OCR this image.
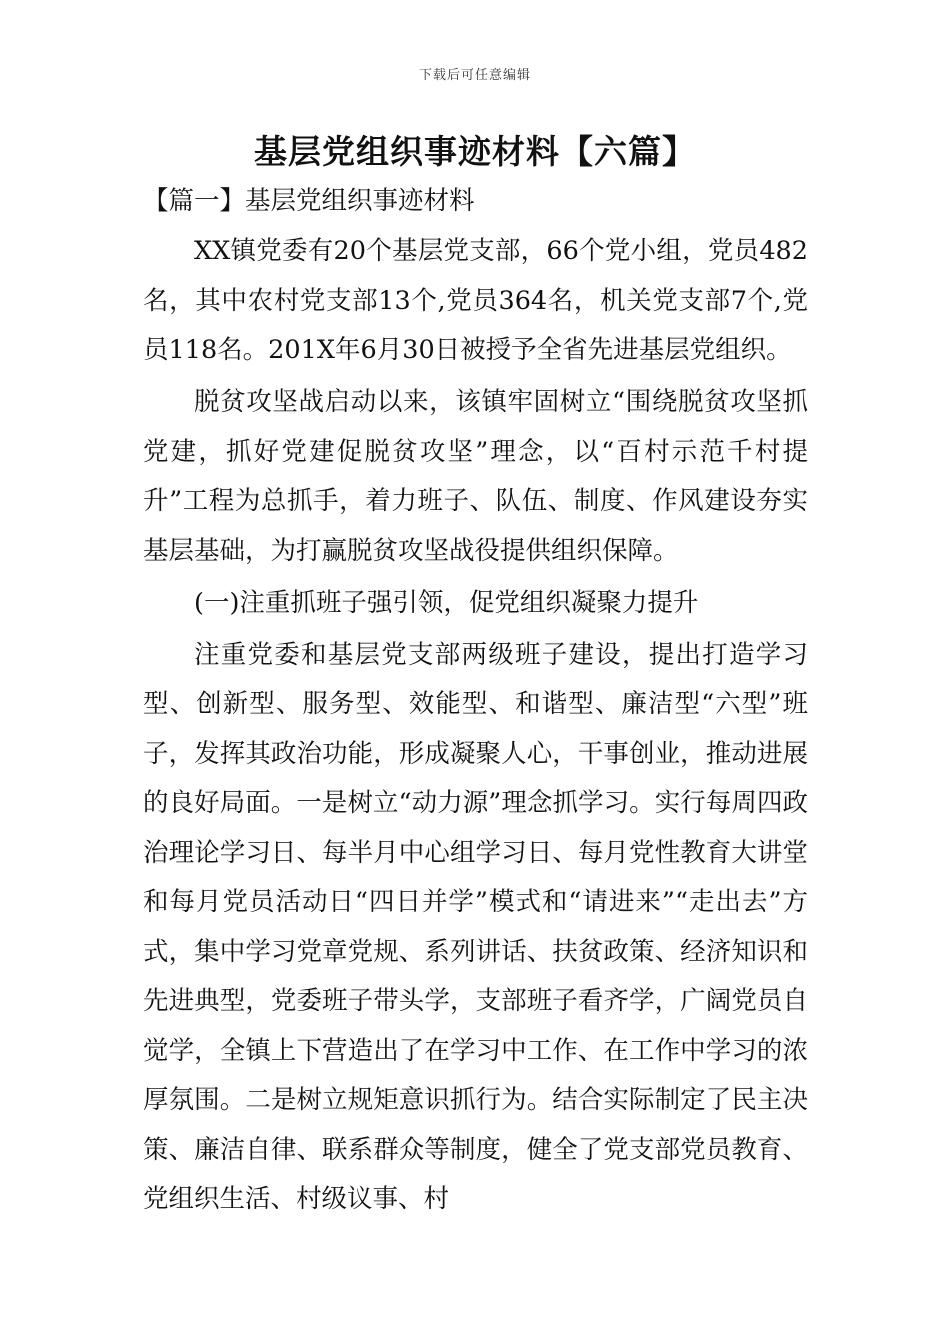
下载后可任意编辑
基层党组织事迹材料【六篇】

【篇一】基层党组织事迹材料

XX镇党委有20个基层党支部，66个党小组，党员482名，其中农村党支部13个,党员364名，机关党支部7个,党员118名。201X年6月30日被授予全省先进基层党组织。

脱贫攻坚战启动以来，该镇牢固树立“围绕脱贫攻坚抓党建，抓好党建促脱贫攻坚”理念，以“百村示范千村提升”工程为总抓手，着力班子、队伍、制度、作风建设夯实基层基础，为打赢脱贫攻坚战役提供组织保障。

(一)注重抓班子强引领，促党组织凝聚力提升

注重党委和基层党支部两级班子建设，提出打造学习型、创新型、服务型、效能型、和谐型、廉洁型“六型”班子，发挥其政治功能，形成凝聚人心，干事创业，推动进展的良好局面。一是树立“动力源”理念抓学习。实行每周四政治理论学习日、每半月中心组学习日、每月党性教育大讲堂和每月党员活动日“四日并学”模式和“请进来”“走出去”方式，集中学习党章党规、系列讲话、扶贫政策、经济知识和先进典型，党委班子带头学，支部班子看齐学，广阔党员自觉学，全镇上下营造出了在学习中工作、在工作中学习的浓厚氛围。二是树立规矩意识抓行为。结合实际制定了民主决策、廉洁自律、联系群众等制度，健全了党支部党员教育、党组织生活、村级议事、村
